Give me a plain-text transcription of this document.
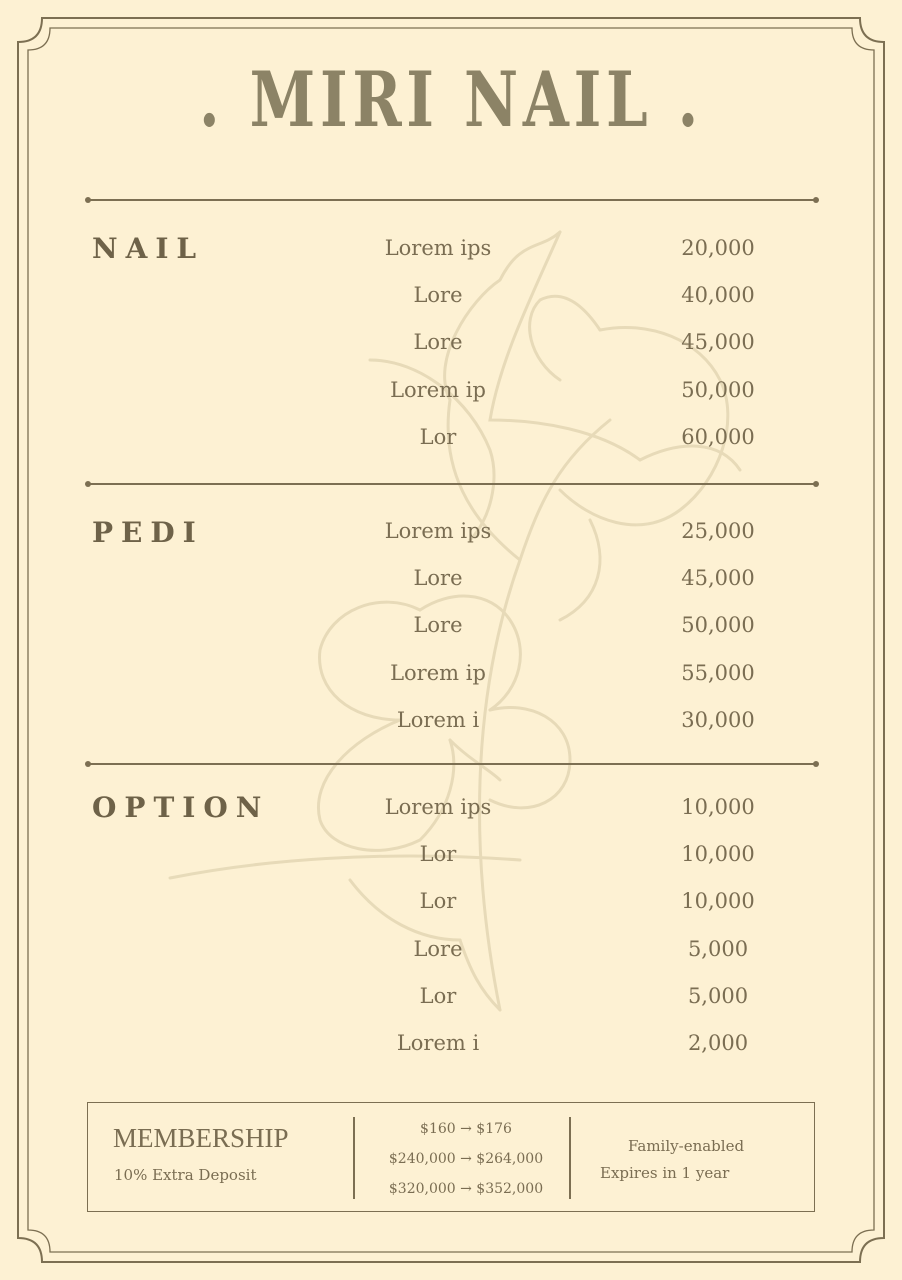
. MIRI NAIL .
NAIL	Lorem ips	20,000
Lore	40,000
Lore	45,000
Lorem ip	50,000
Lor	60,000
PEDI	Lorem ips	25,000
Lore	45,000
Lore	50,000
Lorem ip	55,000
Lorem i	30,000
OPTION	Lorem ips	10,000
Lor	10,000
Lor	10,000
Lore	5,000
Lor	5,000
Lorem i	2,000
MEMBERSHIP
10% Extra Deposit
$160 → $176
$240,000 → $264,000
$320,000 → $352,000
Family-enabled
Expires in 1 year
